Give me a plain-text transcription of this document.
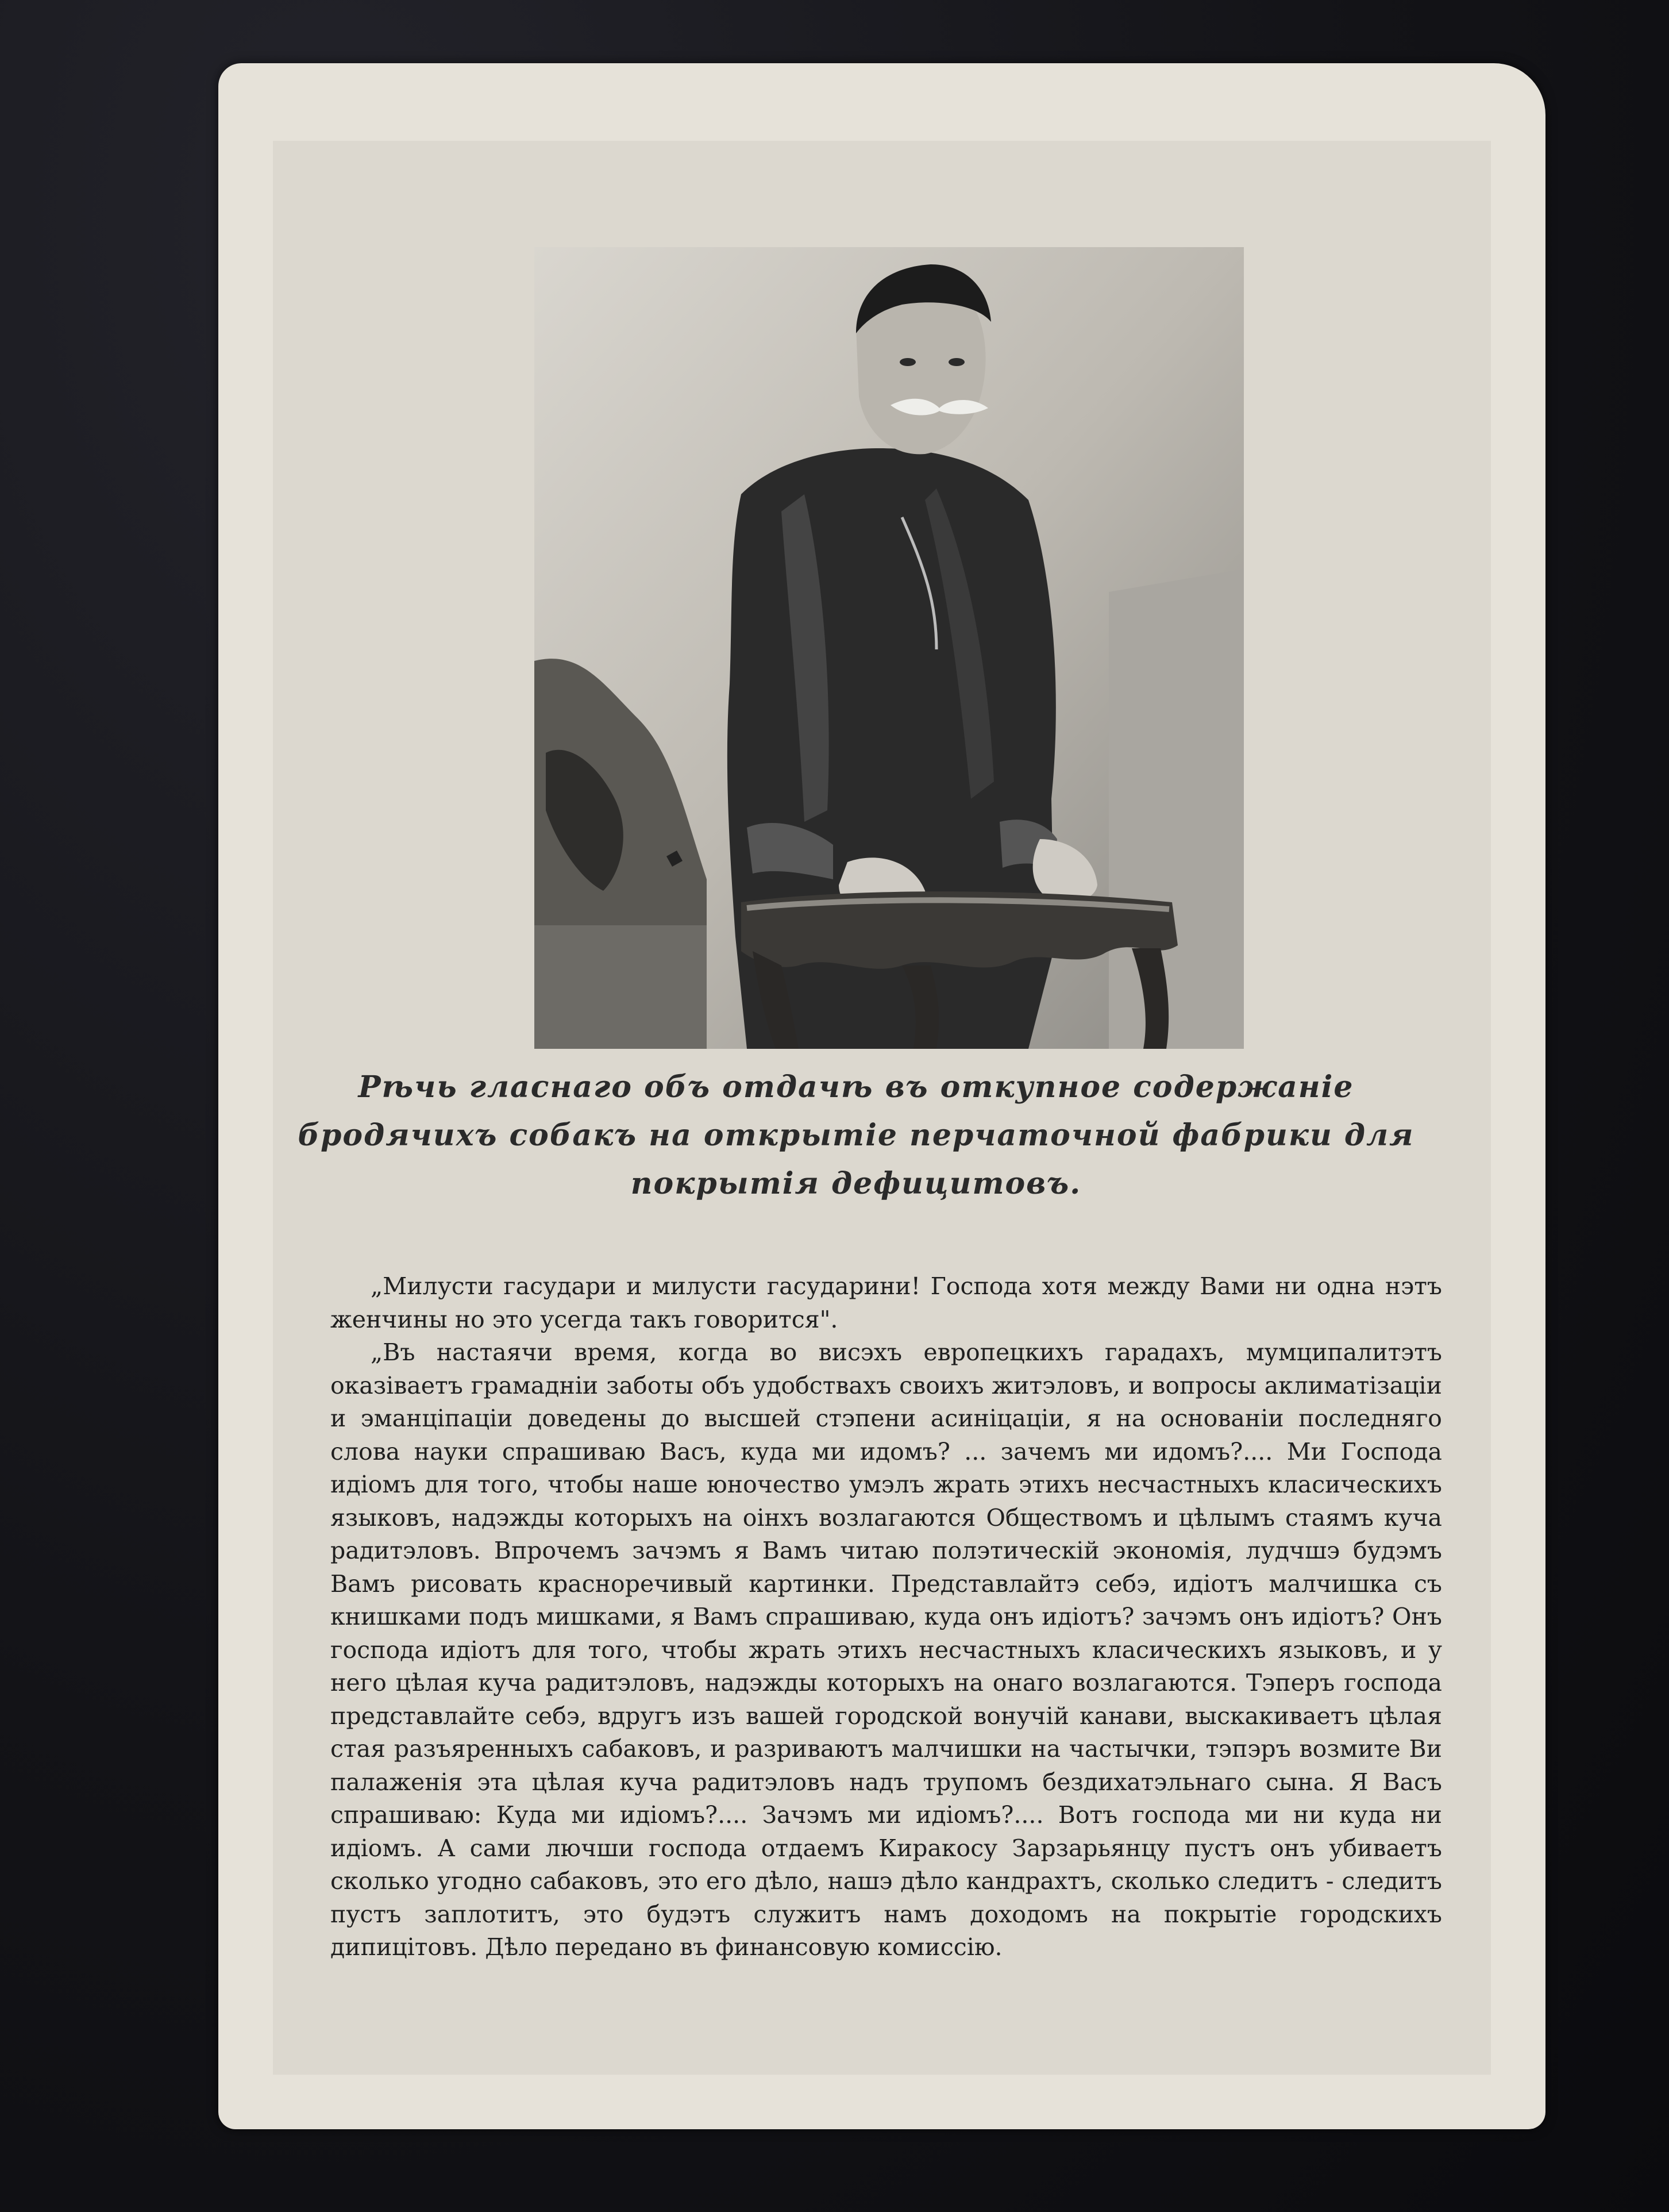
Рѣчь гласнаго объ отдачѣ въ откупное содержаніе бродячихъ собакъ на открытіе перчаточной фабрики для покрытія дефицитовъ.

„Милусти гасудари и милусти гасударини! Господа хотя между Вами ни одна нэтъ женчины но это усегда такъ говорится".

„Въ настаячи время, когда во висэхъ европецкихъ гарадахъ, мумципалитэтъ оказіваетъ грамадніи заботы объ удобствахъ своихъ житэловъ, и вопросы аклиматізаціи и эманціпаціи доведены до высшей стэпени асиніцаціи, я на основаніи последняго слова науки спрашиваю Васъ, куда ми идомъ? ... зачемъ ми идомъ?.... Ми Господа идіомъ для того, чтобы наше юночество умэлъ жрать этихъ несчастныхъ класическихъ языковъ, надэжды которыхъ на оінхъ возлагаются Обществомъ и цѣлымъ стаямъ куча радитэловъ. Впрочемъ зачэмъ я Вамъ читаю полэтическій экономія, лудчшэ будэмъ Вамъ рисовать красноречивый картинки. Представлайтэ себэ, идіотъ малчишка съ книшками подъ мишками, я Вамъ спрашиваю, куда онъ идіотъ? зачэмъ онъ идіотъ? Онъ господа идіотъ для того, чтобы жрать этихъ несчастныхъ класическихъ языковъ, и у него цѣлая куча радитэловъ, надэжды которыхъ на онаго возлагаются. Тэперъ господа представлайте себэ, вдругъ изъ вашей городской вонучій канави, выскакиваетъ цѣлая стая разъяренныхъ сабаковъ, и разриваютъ малчишки на частычки, тэпэръ возмите Ви палаженія эта цѣлая куча радитэловъ надъ трупомъ бездихатэльнаго сына. Я Васъ спрашиваю: Куда ми идіомъ?.... Зачэмъ ми идіомъ?.... Вотъ господа ми ни куда ни идіомъ. А сами лючши господа отдаемъ Киракосу Зарзарьянцу пустъ онъ убиваетъ сколько угодно сабаковъ, это его дѣло, нашэ дѣло кандрахтъ, сколько следитъ - следитъ пустъ заплотитъ, это будэтъ служитъ намъ доходомъ на покрытіе городскихъ дипицітовъ. Дѣло передано въ финансовую комиссію.
